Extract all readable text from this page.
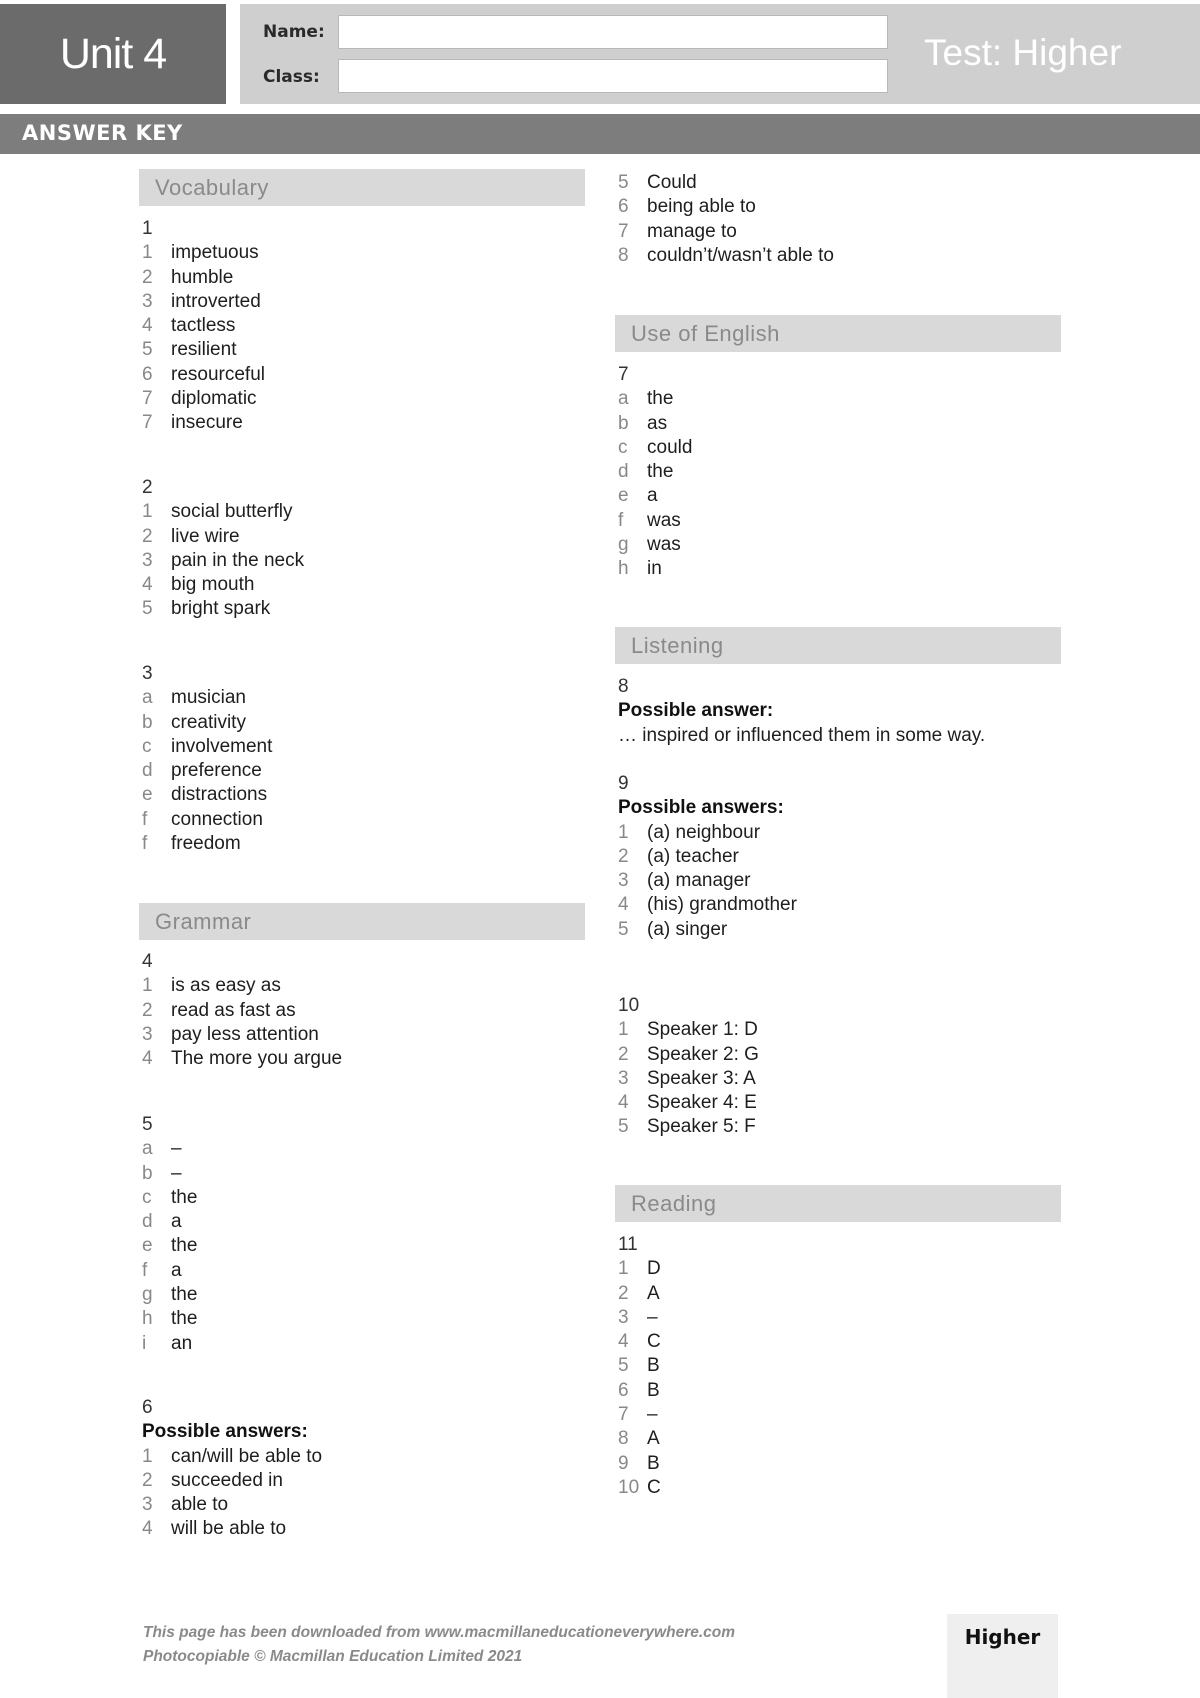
Unit 4	Name:
Class:
Test: Higher
ANSWER KEY
Vocabulary
Grammar
Use of English
Listening
Reading
1
1 impetuous
2 humble
3 introverted
4 tactless
5 resilient
6 resourceful
7 diplomatic
7 insecure
2
1 social butterfly
2 live wire
3 pain in the neck
4 big mouth
5 bright spark
3
a musician
b creativity
c	involvement
d preference
e distractions
f	connection
f	freedom
4
1 is as easy as
2 read as fast as
3 pay less attention
4 The more you argue
5
a –
b –
c	the
d a
e the
f	a
g the
h the
i	an
6
Possible answers:
1 can/will be able to
2 succeeded in
3 able to
4 will be able to
5 Could
6 being able to
7 manage to
8 couldn’t/wasn’t able to
7
a the
b as
c	could
d the
e a
f	was
g was
h in
8
Possible answer:
… inspired or influenced them in some way.
9
Possible answers:
1 (a) neighbour
2 (a) teacher
3 (a) manager
4 (his) grandmother
5 (a) singer
10
1 Speaker 1: D
2 Speaker 2: G
3 Speaker 3: A
4 Speaker 4: E
5 Speaker 5: F
11
1 D
2 A
3 –
4 C
5 B
6 B
7 –
8 A
9 B
10 C
This page has been downloaded from www.macmillaneducationeverywhere.com
Photocopiable © Macmillan Education Limited 2021
Higher
